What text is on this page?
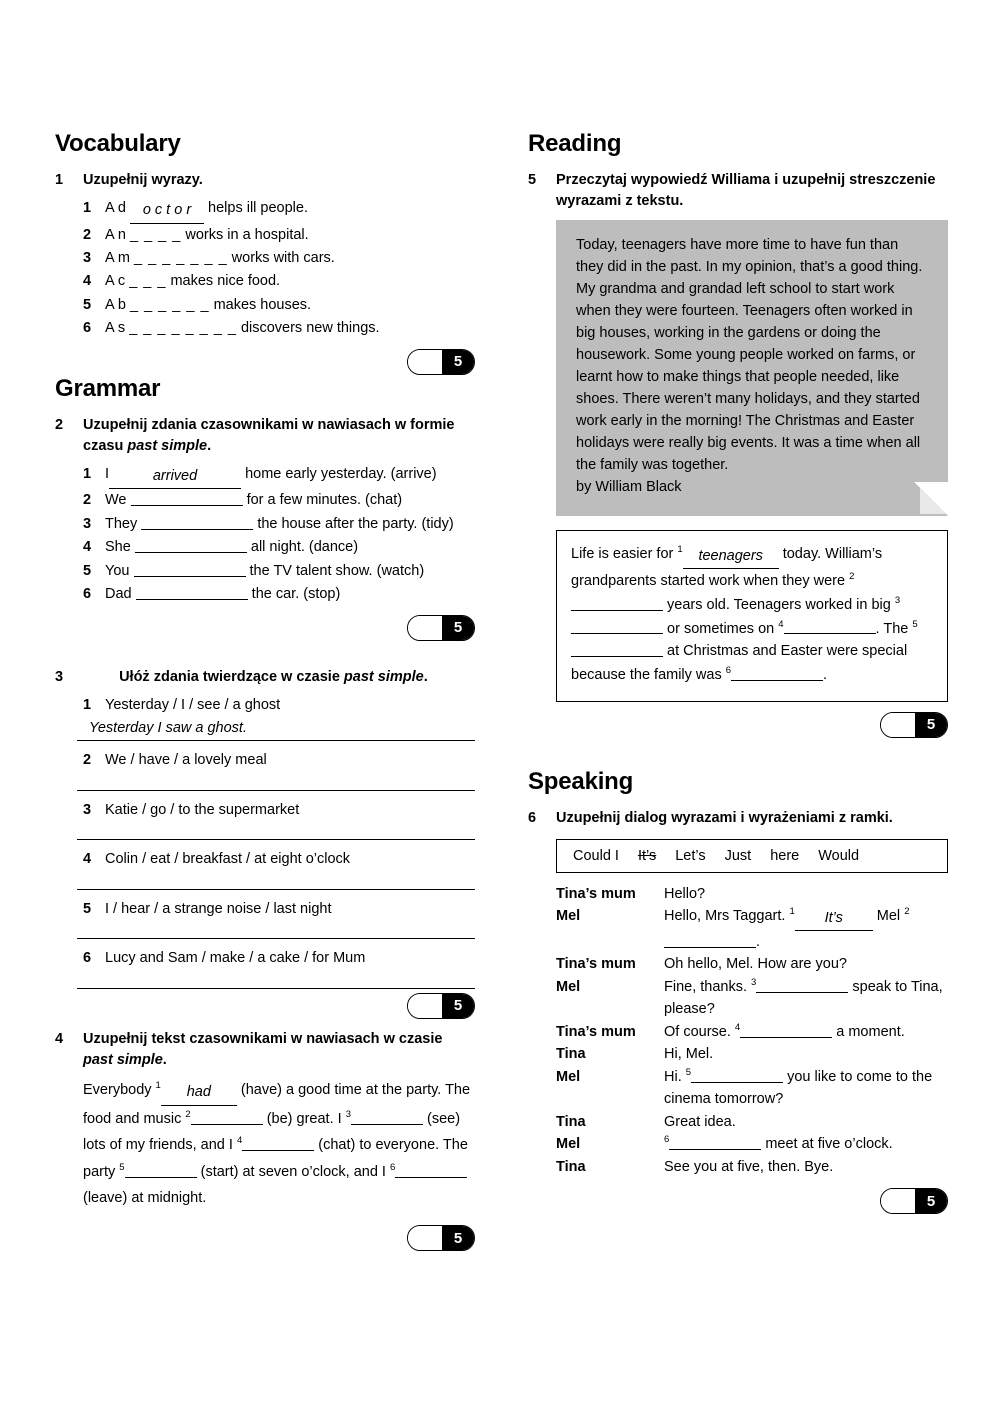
Vocabulary
1	Uzupełnij wyrazy.
1 A d o c t o r helps ill people.
2 A n _ _ _ _ works in a hospital.
3 A m _ _ _ _ _ _ _ works with cars.
4 A c _ _ _ makes nice food.
5 A b _ _ _ _ _ _ makes houses.
6 A s _ _ _ _ _ _ _ _ discovers new things.
5
Grammar
2	Uzupełnij zdania czasownikami w nawiasach w formie czasu past simple.
1 I	arrived	home early yesterday. (arrive)
2 We	for a few minutes. (chat)
3 They	the house after the party. (tidy)
4 She	all night. (dance)
5 You	the TV talent show. (watch)
6 Dad	the car. (stop)
5
3	Ułóż zdania twierdzące w czasie past simple.
1 Yesterday / I / see / a ghost
Yesterday I saw a ghost.
2 We / have / a lovely meal
3 Katie / go / to the supermarket
4 Colin / eat / breakfast / at eight o’clock
5 I / hear / a strange noise / last night
6 Lucy and Sam / make / a cake / for Mum
5
4	Uzupełnij tekst czasownikami w nawiasach w czasie past simple.
Everybody $^1$ had (have) a good time at the party. The food and music $^2$	(be) great. I $^3$	(see) lots of my friends, and I $^4$	(chat) to everyone. The party $^5$	(start) at seven o’clock, and I $^6$ (leave) at midnight.
5
Reading
5	Przeczytaj wypowiedź Williama i uzupełnij streszczenie wyrazami z tekstu.

Today, teenagers have more time to have fun than they did in the past. In my opinion, that’s a good thing. My grandma and grandad left school to start work when they were fourteen. Teenagers often worked in big houses, working in the gardens or doing the housework. Some young people worked on farms, or learnt how to make things that people needed, like shoes. There weren’t many holidays, and they started work early in the morning! The Christmas and Easter holidays were really big events. It was a time when all the family was together.

by William Black

Life is easier for $^1$ teenagers today. William’s grandparents started work when they were $^2$ years old. Teenagers worked in big $^3$ or sometimes on $^4$	. The $^5$ at Christmas and Easter were special because the family was $^6$	.
5
Speaking
6	Uzupełnij dialog wyrazami i wyrażeniami z ramki.
Could I It’s Let’s Just here Would
Tina’s mum	Hello?
Mel	Hello, Mrs Taggart. $^1$ It’s Mel $^2$.
Tina’s mum	Oh hello, Mel. How are you?
Mel	Fine, thanks. $^3$	speak to Tina, please?
Tina’s mum	Of course. $^4$	a moment.
Tina	Hi, Mel.
Mel	Hi. $^5$	you like to come to the cinema tomorrow?
Tina	Great idea.
Mel	$^6$	meet at five o’clock.
Tina	See you at five, then. Bye.
5
